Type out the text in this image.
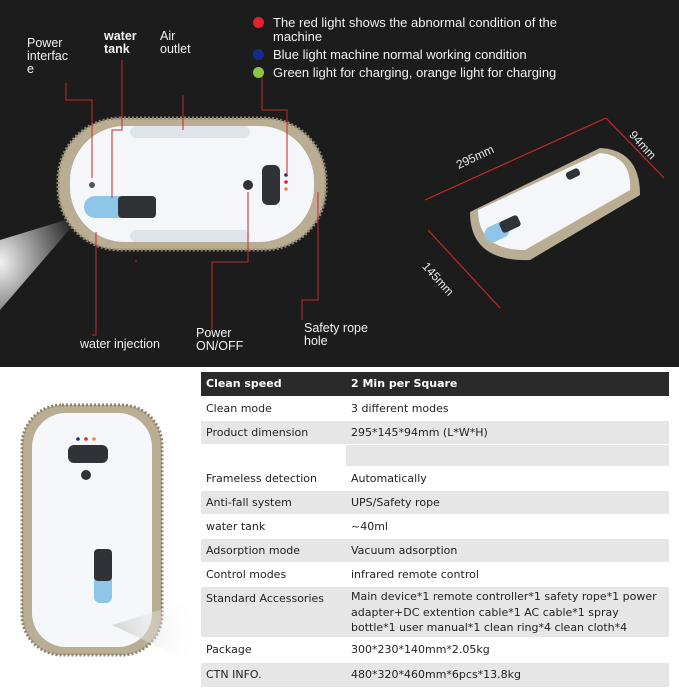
Power interfac e
water tank
Air outlet
water injection
Power ON/OFF
Safety rope hole
The red light shows the abnormal condition of the machine
Blue light machine normal working condition
Green light for charging, orange light for charging
295mm	94mm
145mm
Clean speed	2 Min per Square
Clean mode	3 different modes
Product dimension	295*145*94mm (L*W*H)

Frameless detection	Automatically
Anti-fall system	UPS/Safety rope
water tank	~40ml
Adsorption mode	Vacuum adsorption
Control modes	infrared remote control
Standard Accessories	Main device*1 remote controller*1 safety rope*1 power adapter+DC extention cable*1 AC cable*1 spray bottle*1 user manual*1 clean ring*4 clean cloth*4
Package	300*230*140mm*2.05kg
CTN INFO.	480*320*460mm*6pcs*13.8kg
